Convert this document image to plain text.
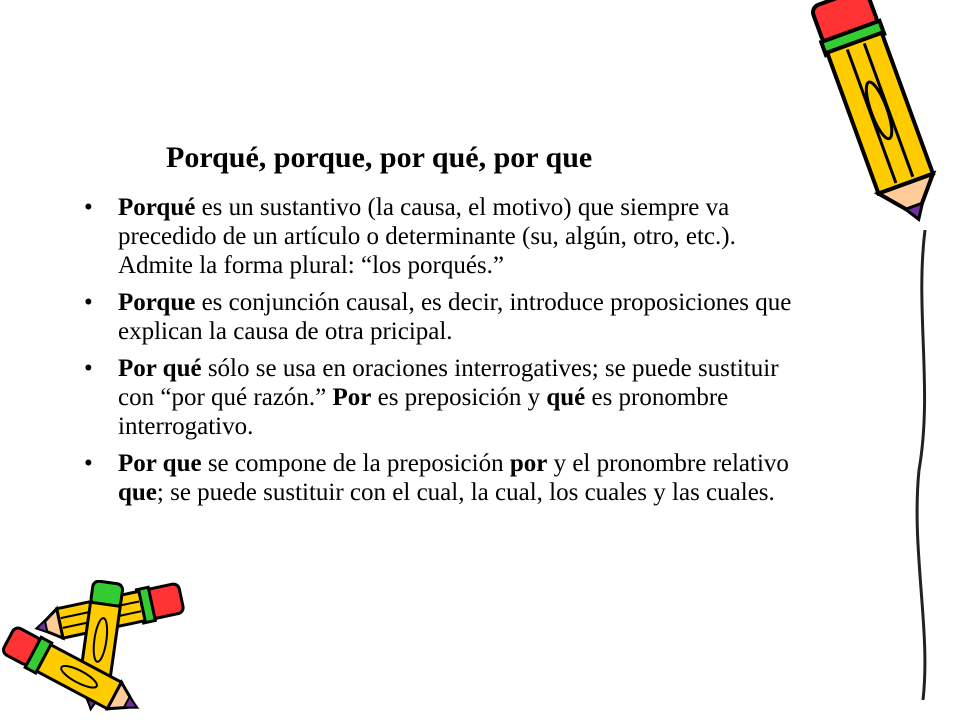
Porqué, porque, por qué, por que
• Porqué es un sustantivo (la causa, el motivo) que siempre va precedido de un artículo o determinante (su, algún, otro, etc.). Admite la forma plural: “los porqués.”
• Porque es conjunción causal, es decir, introduce proposiciones que explican la causa de otra pricipal.
• Por qué sólo se usa en oraciones interrogatives; se puede sustituir con “por qué razón.” Por es preposición y qué es pronombre interrogativo.
• Por que se compone de la preposición por y el pronombre relativo que; se puede sustituir con el cual, la cual, los cuales y las cuales.
